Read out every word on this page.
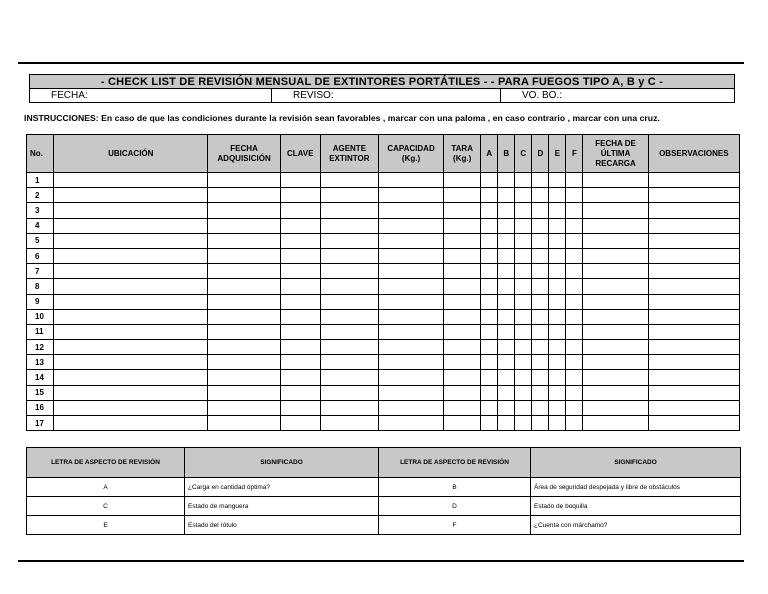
- CHECK LIST DE REVISIÓN MENSUAL DE EXTINTORES PORTÁTILES - - PARA FUEGOS TIPO A, B y C -
FECHA:	REVISO:	VO. BO.:
INSTRUCCIONES: En caso de que las condiciones durante la revisión sean favorables , marcar con una paloma , en caso contrario , marcar con una cruz.
No.	UBICACIÓN	FECHA ADQUISICIÓN	CLAVE	AGENTE EXTINTOR	CAPACIDAD (Kg.)	TARA (Kg.)	A	B	C	D	E	F	FECHA DE ÚLTIMA RECARGA	OBSERVACIONES
1														
2														
3														
4														
5														
6														
7														
8														
9														
10														
11														
12														
13														
14														
15														
16														
17														
LETRA DE ASPECTO DE REVISIÓN	SIGNIFICADO	LETRA DE ASPECTO DE REVISIÓN	SIGNIFICADO
A	¿Carga en cantidad óptima?	B	Área de seguridad despejada y libre de obstáculos
C	Estado de manguera	D	Estado de boquilla
E	Estado del rótulo	F	¿Cuenta con márchamo?
